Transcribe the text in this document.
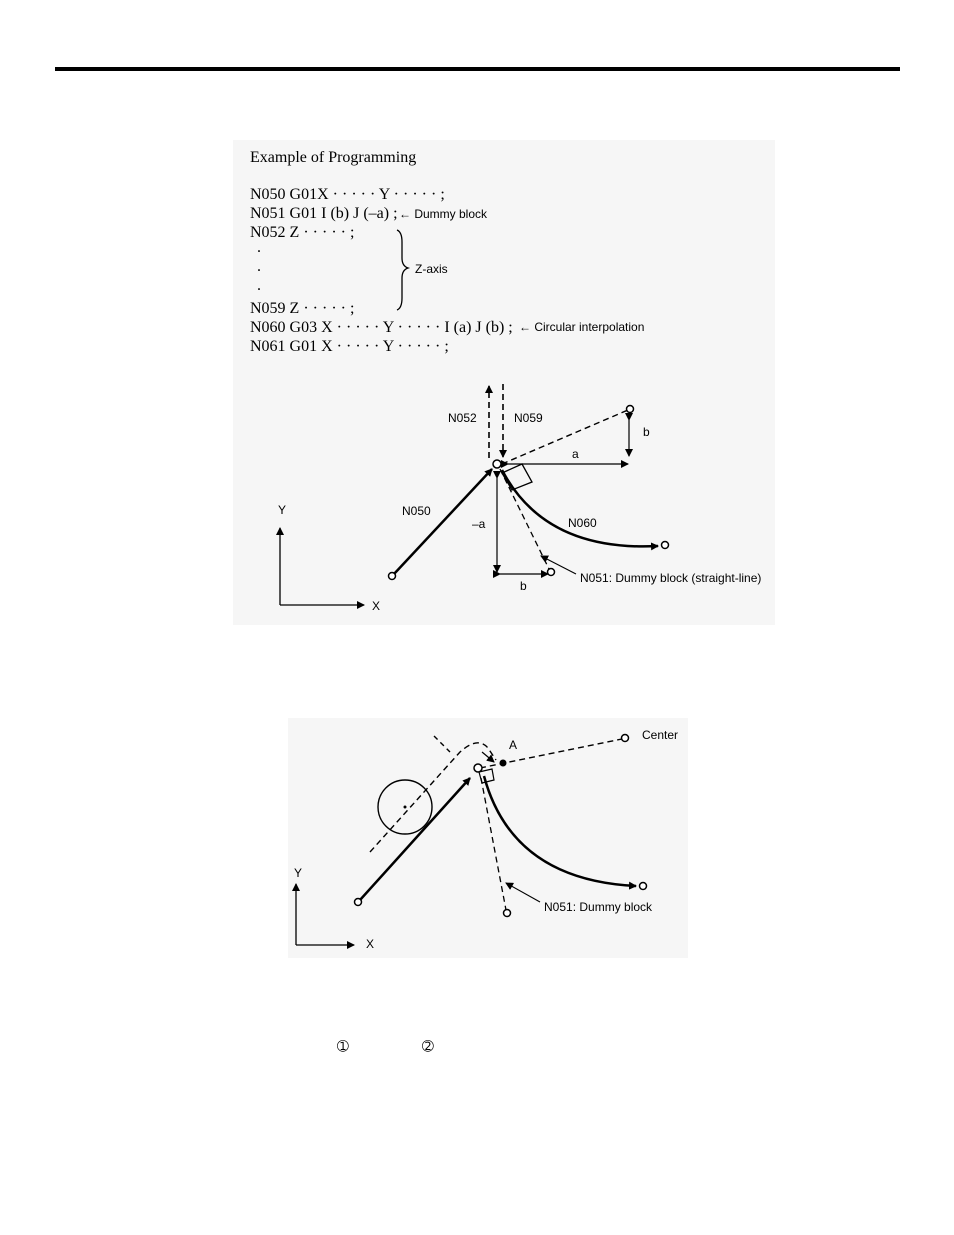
Example of Programming
N050 G01X · · · · · Y · · · · · ;
N051 G01 I (b) J (–a) ; ← Dummy block
N052 Z · · · · · ;
.
.
.
Z-axis
N059 Z · · · · · ;
N060 G03 X · · · · · Y · · · · · I (a) J (b) ; ← Circular interpolation
N061 G01 X · · · · · Y · · · · · ;
➀	➁
N052	N059
b
a
N050
–a	N060
b
N051: Dummy block (straight-line)
Y
X
A
Center
N051: Dummy block
Y
X
